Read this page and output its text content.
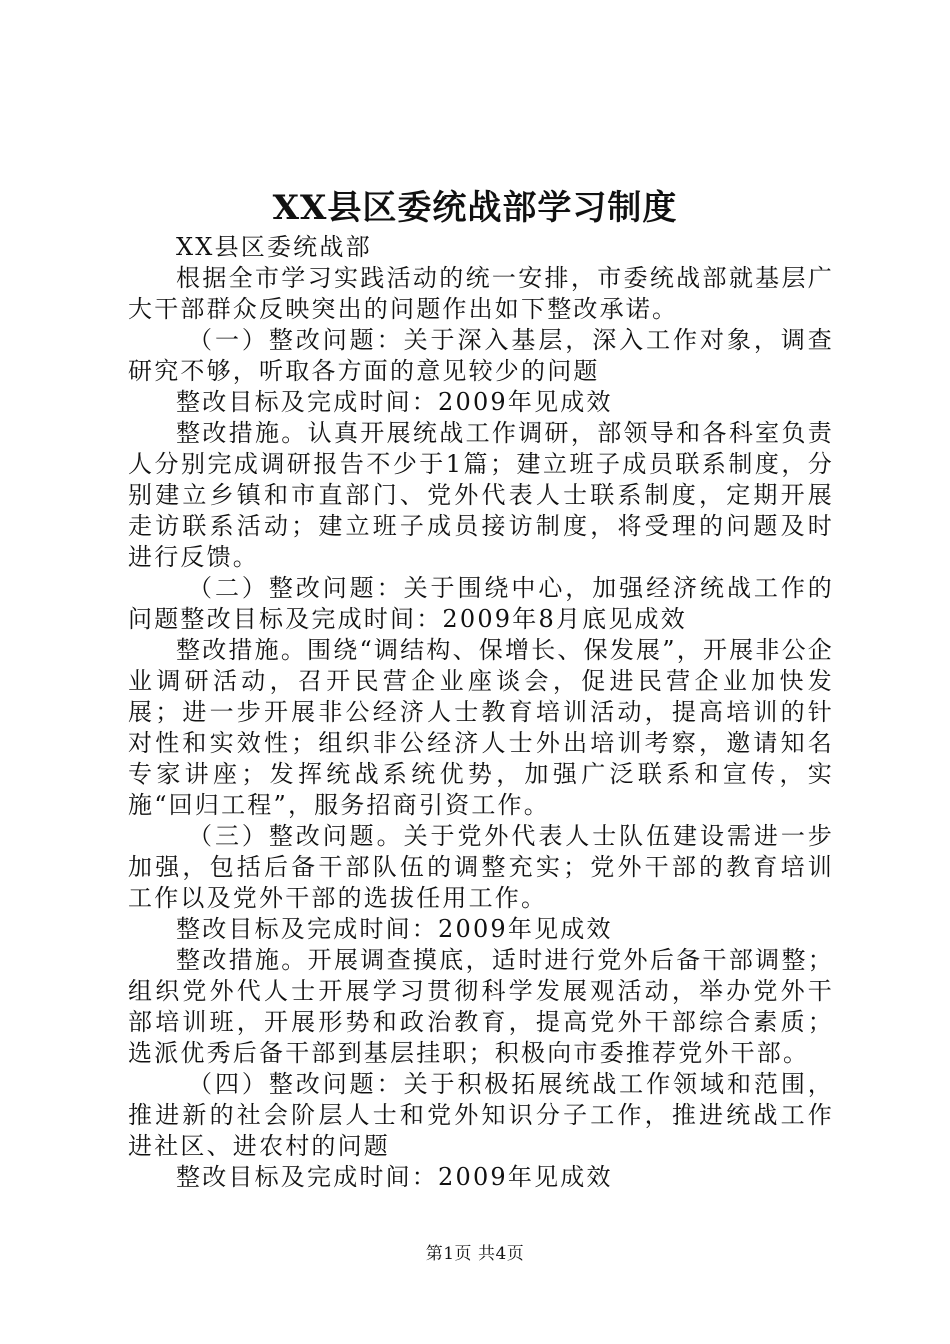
XX县区委统战部学习制度

XX县区委统战部

根据全市学习实践活动的统一安排，市委统战部就基层广大干部群众反映突出的问题作出如下整改承诺。

（一）整改问题：关于深入基层，深入工作对象，调查研究不够，听取各方面的意见较少的问题

整改目标及完成时间：2009年见成效

整改措施。认真开展统战工作调研，部领导和各科室负责人分别完成调研报告不少于1篇；建立班子成员联系制度，分别建立乡镇和市直部门、党外代表人士联系制度，定期开展走访联系活动；建立班子成员接访制度，将受理的问题及时进行反馈。

（二）整改问题：关于围绕中心，加强经济统战工作的问题整改目标及完成时间：2009年8月底见成效

整改措施。围绕“调结构、保增长、保发展”，开展非公企业调研活动，召开民营企业座谈会，促进民营企业加快发展；进一步开展非公经济人士教育培训活动，提高培训的针对性和实效性；组织非公经济人士外出培训考察，邀请知名专家讲座；发挥统战系统优势，加强广泛联系和宣传，实施“回归工程”，服务招商引资工作。

（三）整改问题。关于党外代表人士队伍建设需进一步加强，包括后备干部队伍的调整充实；党外干部的教育培训工作以及党外干部的选拔任用工作。

整改目标及完成时间：2009年见成效

整改措施。开展调查摸底，适时进行党外后备干部调整；组织党外代人士开展学习贯彻科学发展观活动，举办党外干部培训班，开展形势和政治教育，提高党外干部综合素质；选派优秀后备干部到基层挂职；积极向市委推荐党外干部。

（四）整改问题：关于积极拓展统战工作领域和范围，推进新的社会阶层人士和党外知识分子工作，推进统战工作进社区、进农村的问题

整改目标及完成时间：2009年见成效

第1页 共4页
